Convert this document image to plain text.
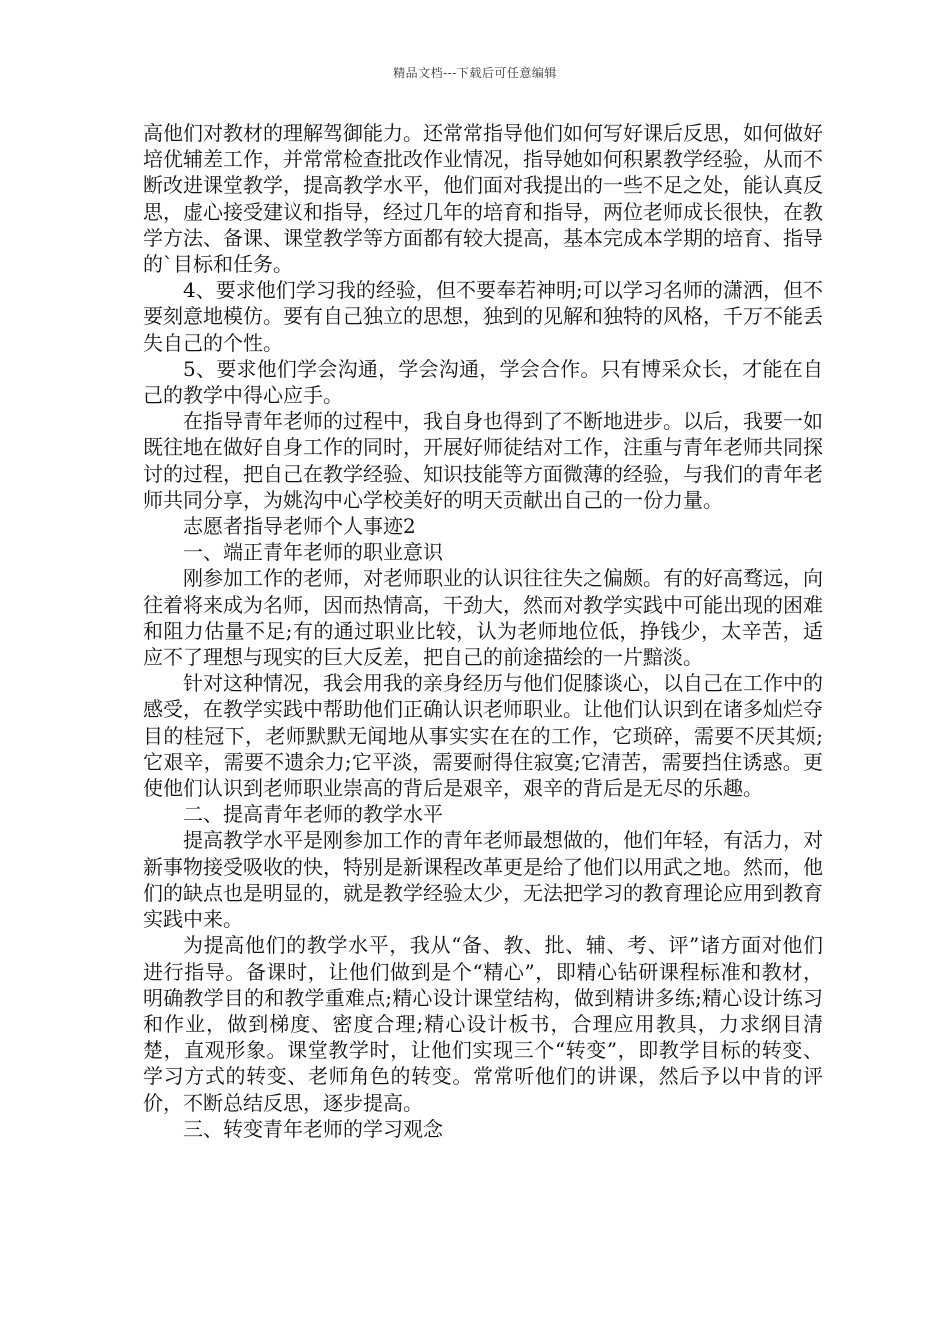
精品文档---下载后可任意编辑

高他们对教材的理解驾御能力。还常常指导他们如何写好课后反思，如何做好培优辅差工作，并常常检查批改作业情况，指导她如何积累教学经验，从而不断改进课堂教学，提高教学水平，他们面对我提出的一些不足之处，能认真反思，虚心接受建议和指导，经过几年的培育和指导，两位老师成长很快，在教学方法、备课、课堂教学等方面都有较大提高，基本完成本学期的培育、指导的`目标和任务。

4、要求他们学习我的经验，但不要奉若神明;可以学习名师的潇洒，但不要刻意地模仿。要有自己独立的思想，独到的见解和独特的风格，千万不能丢失自己的个性。

5、要求他们学会沟通，学会沟通，学会合作。只有博采众长，才能在自己的教学中得心应手。

在指导青年老师的过程中，我自身也得到了不断地进步。以后，我要一如既往地在做好自身工作的同时，开展好师徒结对工作，注重与青年老师共同探讨的过程，把自己在教学经验、知识技能等方面微薄的经验，与我们的青年老师共同分享，为姚沟中心学校美好的明天贡献出自己的一份力量。

志愿者指导老师个人事迹2

一、端正青年老师的职业意识

刚参加工作的老师，对老师职业的认识往往失之偏颇。有的好高骛远，向往着将来成为名师，因而热情高，干劲大，然而对教学实践中可能出现的困难和阻力估量不足;有的通过职业比较，认为老师地位低，挣钱少，太辛苦，适应不了理想与现实的巨大反差，把自己的前途描绘的一片黯淡。

针对这种情况，我会用我的亲身经历与他们促膝谈心，以自己在工作中的感受，在教学实践中帮助他们正确认识老师职业。让他们认识到在诸多灿烂夺目的桂冠下，老师默默无闻地从事实实在在的工作，它琐碎，需要不厌其烦;它艰辛，需要不遗余力;它平淡，需要耐得住寂寞;它清苦，需要挡住诱惑。更使他们认识到老师职业崇高的背后是艰辛，艰辛的背后是无尽的乐趣。

二、提高青年老师的教学水平

提高教学水平是刚参加工作的青年老师最想做的，他们年轻，有活力，对新事物接受吸收的快，特别是新课程改革更是给了他们以用武之地。然而，他们的缺点也是明显的，就是教学经验太少，无法把学习的教育理论应用到教育实践中来。

为提高他们的教学水平，我从“备、教、批、辅、考、评”诸方面对他们进行指导。备课时，让他们做到是个“精心”，即精心钻研课程标准和教材，明确教学目的和教学重难点;精心设计课堂结构，做到精讲多练;精心设计练习和作业，做到梯度、密度合理;精心设计板书，合理应用教具，力求纲目清楚，直观形象。课堂教学时，让他们实现三个“转变”，即教学目标的转变、学习方式的转变、老师角色的转变。常常听他们的讲课，然后予以中肯的评价，不断总结反思，逐步提高。

三、转变青年老师的学习观念
